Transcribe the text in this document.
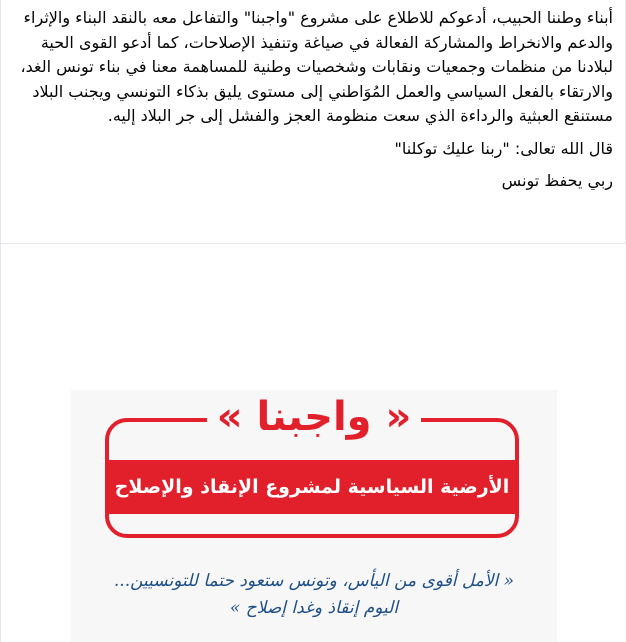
أبناء وطننا الحبيب، أدعوكم للاطلاع على مشروع "واجبنا" والتفاعل معه بالنقد البناء والإثراء والدعم والانخراط والمشاركة الفعالة في صياغة وتنفيذ الإصلاحات، كما أدعو القوى الحية لبلادنا من منظمات وجمعيات ونقابات وشخصيات وطنية للمساهمة معنا في بناء تونس الغد، والارتقاء بالفعل السياسي والعمل المُوَاطني إلى مستوى يليق بذكاء التونسي ويجنب البلاد مستنقع العبثية والرداءة الذي سعت منظومة العجز والفشل إلى جر البلاد إليه.

قال الله تعالى: "ربنا عليك توكلنا"

ربي يحفظ تونس

« واجبنا »
الأرضية السياسية لمشروع الإنقاذ والإصلاح

« الأمل أقوى من اليأس، وتونس ستعود حتما للتونسيين...

اليوم إنقاذ وغدا إصلاح »
